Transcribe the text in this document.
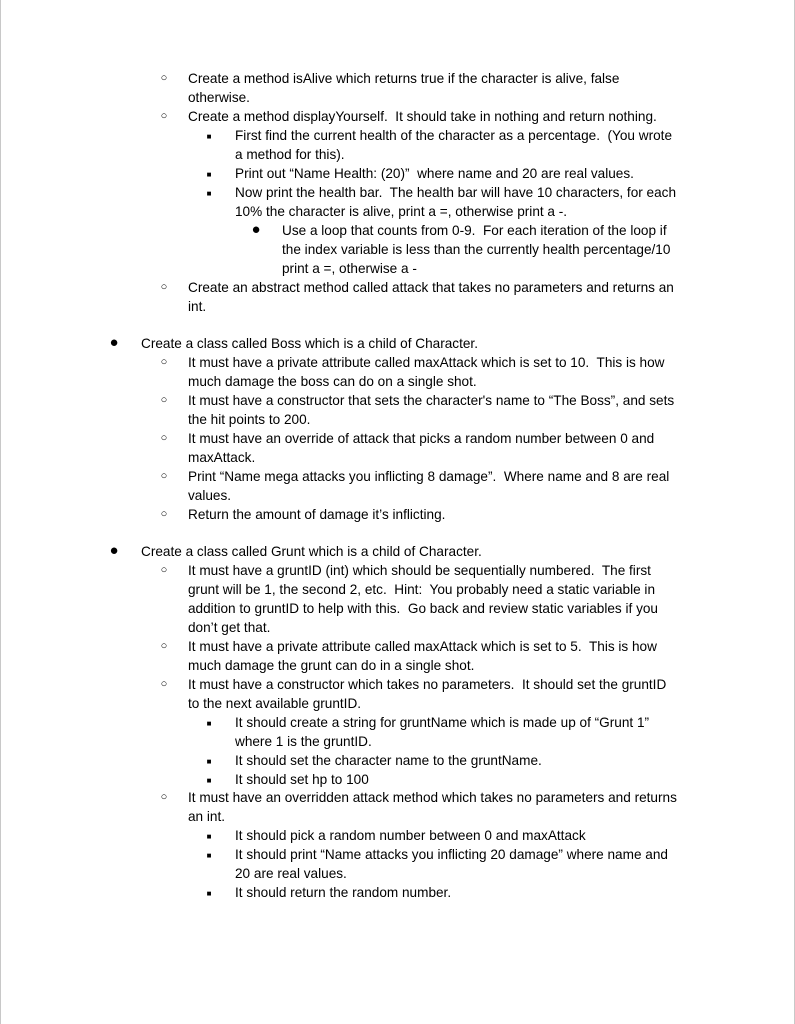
○	Create a method isAlive which returns true if the character is alive, false
otherwise.
○	Create a method displayYourself.  It should take in nothing and return nothing.
■	First find the current health of the character as a percentage.  (You wrote
a method for this).
■	Print out “Name Health: (20)”  where name and 20 are real values.
■	Now print the health bar.  The health bar will have 10 characters, for each
10% the character is alive, print a =, otherwise print a -.
●	Use a loop that counts from 0-9.  For each iteration of the loop if
the index variable is less than the currently health percentage/10
print a =, otherwise a -
○	Create an abstract method called attack that takes no parameters and returns an
int.
●	Create a class called Boss which is a child of Character.
○	It must have a private attribute called maxAttack which is set to 10.  This is how
much damage the boss can do on a single shot.
○	It must have a constructor that sets the character's name to “The Boss”, and sets
the hit points to 200.
○	It must have an override of attack that picks a random number between 0 and
maxAttack.
○	Print “Name mega attacks you inflicting 8 damage”.  Where name and 8 are real
values.
○	Return the amount of damage it’s inflicting.
●	Create a class called Grunt which is a child of Character.
○	It must have a gruntID (int) which should be sequentially numbered.  The first
grunt will be 1, the second 2, etc.  Hint:  You probably need a static variable in
addition to gruntID to help with this.  Go back and review static variables if you
don’t get that.
○	It must have a private attribute called maxAttack which is set to 5.  This is how
much damage the grunt can do in a single shot.
○	It must have a constructor which takes no parameters.  It should set the gruntID
to the next available gruntID.
■	It should create a string for gruntName which is made up of “Grunt 1”
where 1 is the gruntID.
■	It should set the character name to the gruntName.
■	It should set hp to 100
○	It must have an overridden attack method which takes no parameters and returns
an int.
■	It should pick a random number between 0 and maxAttack
■	It should print “Name attacks you inflicting 20 damage” where name and
20 are real values.
■	It should return the random number.
